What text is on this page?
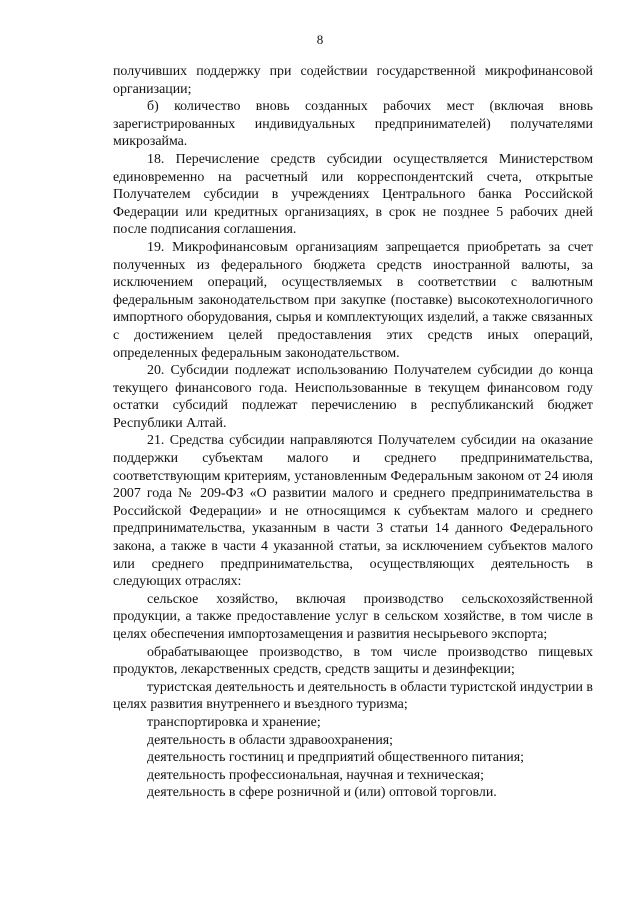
8

получивших поддержку при содействии государственной микрофинансовой организации;

б) количество вновь созданных рабочих мест (включая вновь зарегистрированных индивидуальных предпринимателей) получателями микрозайма.

18. Перечисление средств субсидии осуществляется Министерством единовременно на расчетный или корреспондентский счета, открытые Получателем субсидии в учреждениях Центрального банка Российской Федерации или кредитных организациях, в срок не позднее 5 рабочих дней после подписания соглашения.

19. Микрофинансовым организациям запрещается приобретать за счет полученных из федерального бюджета средств иностранной валюты, за исключением операций, осуществляемых в соответствии с валютным федеральным законодательством при закупке (поставке) высокотехнологичного импортного оборудования, сырья и комплектующих изделий, а также связанных с достижением целей предоставления этих средств иных операций, определенных федеральным законодательством.

20. Субсидии подлежат использованию Получателем субсидии до конца текущего финансового года. Неиспользованные в текущем финансовом году остатки субсидий подлежат перечислению в республиканский бюджет Республики Алтай.

21. Средства субсидии направляются Получателем субсидии на оказание поддержки субъектам малого и среднего предпринимательства, соответствующим критериям, установленным Федеральным законом от 24 июля 2007 года № 209-ФЗ «О развитии малого и среднего предпринимательства в Российской Федерации» и не относящимся к субъектам малого и среднего предпринимательства, указанным в части 3 статьи 14 данного Федерального закона, а также в части 4 указанной статьи, за исключением субъектов малого или среднего предпринимательства, осуществляющих деятельность в следующих отраслях:

сельское хозяйство, включая производство сельскохозяйственной продукции, а также предоставление услуг в сельском хозяйстве, в том числе в целях обеспечения импортозамещения и развития несырьевого экспорта;

обрабатывающее производство, в том числе производство пищевых продуктов, лекарственных средств, средств защиты и дезинфекции;

туристская деятельность и деятельность в области туристской индустрии в целях развития внутреннего и въездного туризма;

транспортировка и хранение;

деятельность в области здравоохранения;

деятельность гостиниц и предприятий общественного питания;

деятельность профессиональная, научная и техническая;

деятельность в сфере розничной и (или) оптовой торговли.
